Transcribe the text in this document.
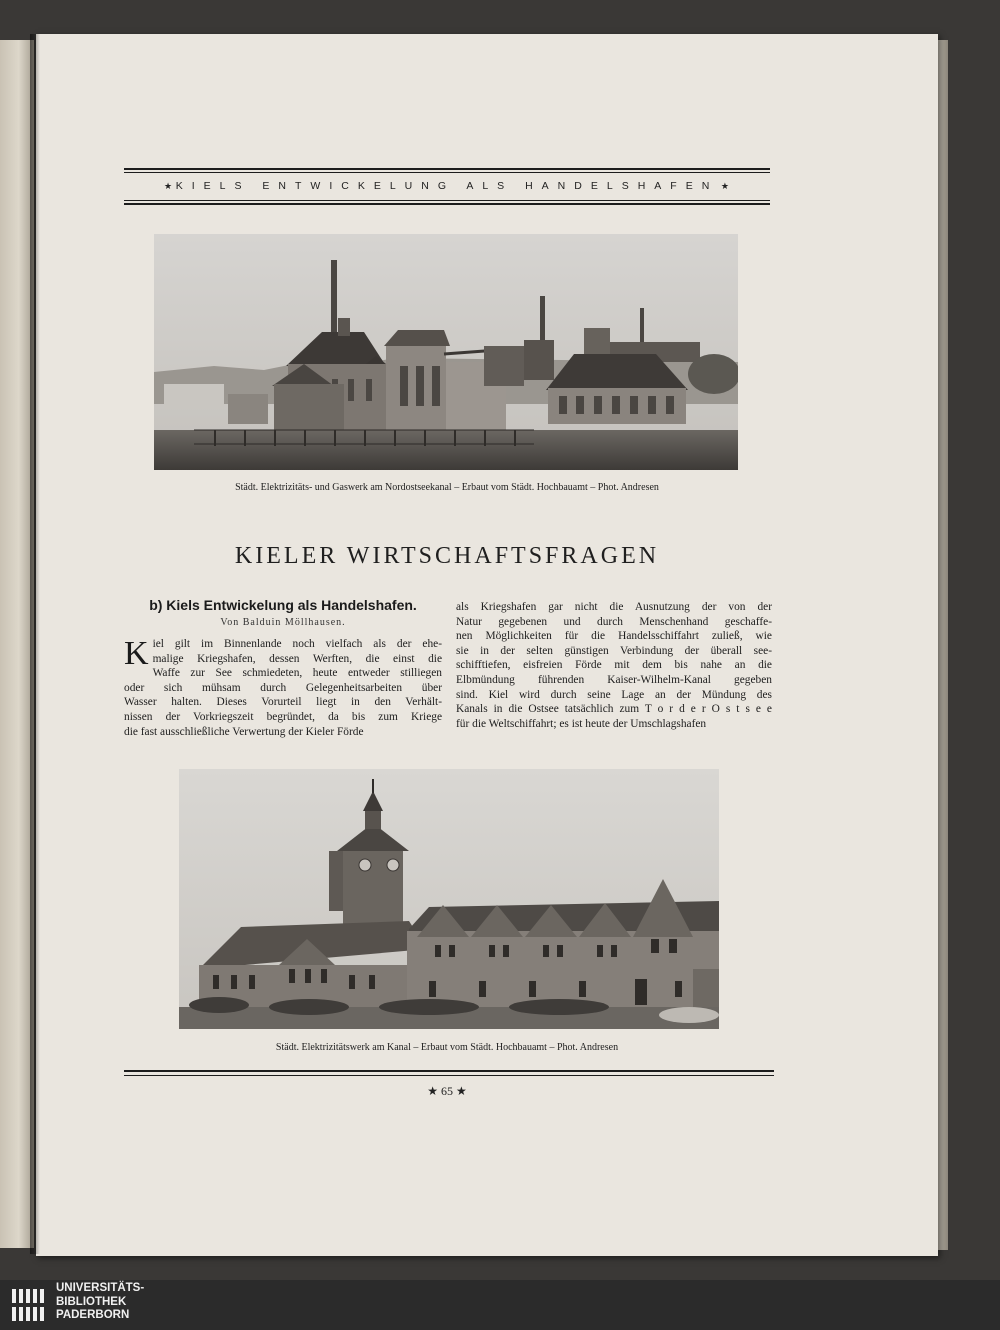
★ KIELS ENTWICKELUNG ALS HANDELSHAFEN ★
Städt. Elektrizitäts- und Gaswerk am Nordostseekanal – Erbaut vom Städt. Hochbauamt – Phot. Andresen
KIELER WIRTSCHAFTSFRAGEN
b) Kiels Entwickelung als Handelshafen.
Von Balduin Möllhausen.
K iel gilt im Binnenlande noch vielfach als der ehe-
malige Kriegshafen, dessen Werften, die einst die
Waffe zur See schmiedeten, heute entweder stilliegen
oder sich mühsam durch Gelegenheitsarbeiten über
Wasser halten. Dieses Vorurteil liegt in den Verhält-
nissen der Vorkriegszeit begründet, da bis zum Kriege
die fast ausschließliche Verwertung der Kieler Förde
als Kriegshafen gar nicht die Ausnutzung der von der
Natur gegebenen und durch Menschenhand geschaffe-
nen Möglichkeiten für die Handelsschiffahrt zuließ, wie
sie in der selten günstigen Verbindung der überall see-
schifftiefen, eisfreien Förde mit dem bis nahe an die
Elbmündung führenden Kaiser-Wilhelm-Kanal gegeben
sind. Kiel wird durch seine Lage an der Mündung des
Kanals in die Ostsee tatsächlich zum T o r d e r O s t s e e
für die Weltschiffahrt; es ist heute der Umschlagshafen
Städt. Elektrizitätswerk am Kanal – Erbaut vom Städt. Hochbauamt – Phot. Andresen
★ 65 ★
UNIVERSITÄTS-
BIBLIOTHEK
PADERBORN
